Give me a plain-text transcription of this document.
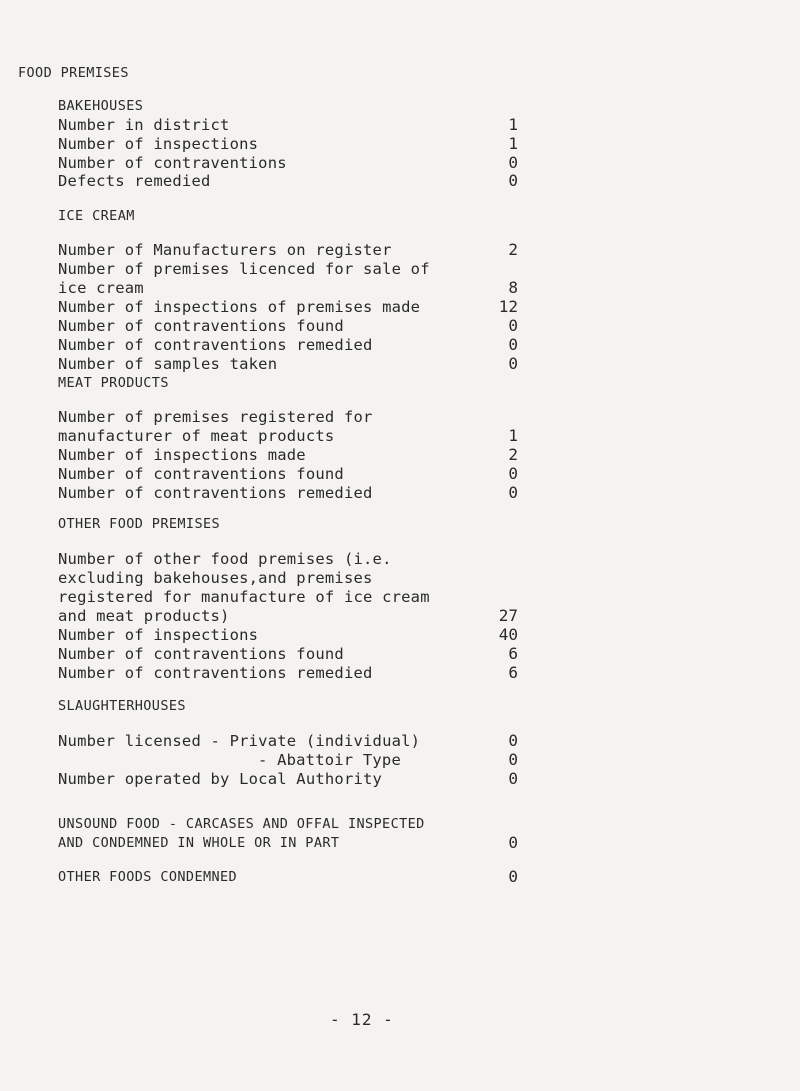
FOOD PREMISES
BAKEHOUSES
Number in district	1
Number of inspections	1
Number of contraventions	0
Defects remedied	0
ICE CREAM
Number of Manufacturers on register	2
Number of premises licenced for sale of
ice cream	8
Number of inspections of premises made	12
Number of contraventions found	0
Number of contraventions remedied	0
Number of samples taken	0
MEAT PRODUCTS
Number of premises registered for
manufacturer of meat products	1
Number of inspections made	2
Number of contraventions found	0
Number of contraventions remedied	0
OTHER FOOD PREMISES
Number of other food premises (i.e.
excluding bakehouses,and premises
registered for manufacture of ice cream
and meat products)	27
Number of inspections	40
Number of contraventions found	6
Number of contraventions remedied	6
SLAUGHTERHOUSES
Number licensed - Private (individual)	0
- Abattoir Type	0
Number operated by Local Authority	0
UNSOUND FOOD - CARCASES AND OFFAL INSPECTED
AND CONDEMNED IN WHOLE OR IN PART	0
OTHER FOODS CONDEMNED	0
- 12 -
